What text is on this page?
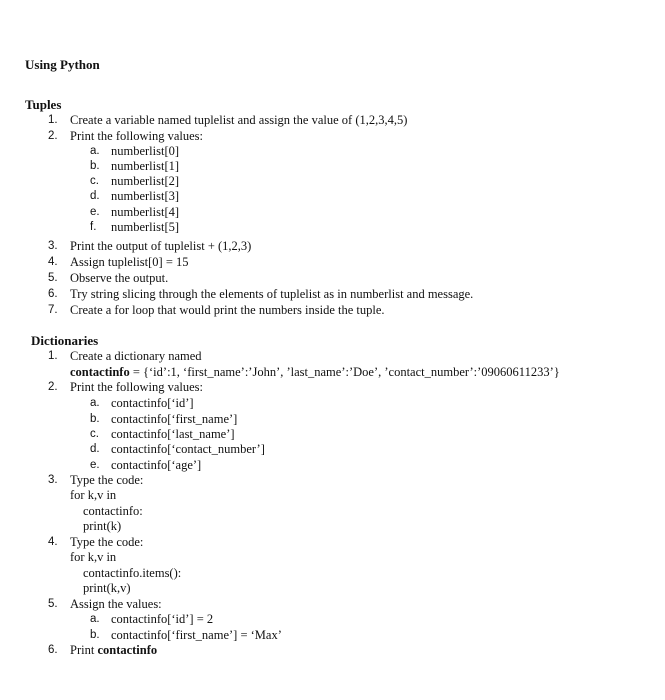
Using Python
Tuples
1. Create a variable named tuplelist and assign the value of (1,2,3,4,5)
2. Print the following values:
a. numberlist[0]
b. numberlist[1]
c. numberlist[2]
d. numberlist[3]
e. numberlist[4]
f. numberlist[5]
3. Print the output of tuplelist + (1,2,3)
4. Assign tuplelist[0] = 15
5. Observe the output.
6. Try string slicing through the elements of tuplelist as in numberlist and message.
7. Create a for loop that would print the numbers inside the tuple.
Dictionaries
1. Create a dictionary named
contactinfo = {‘id’:1, ‘first_name’:’John’, ’last_name’:’Doe’, ’contact_number’:’09060611233’}
2. Print the following values:
a. contactinfo[‘id’]
b. contactinfo[‘first_name’]
c. contactinfo[‘last_name’]
d. contactinfo[‘contact_number’]
e. contactinfo[‘age’]
3. Type the code:
for k,v in
contactinfo:
print(k)
4. Type the code:
for k,v in
contactinfo.items():
print(k,v)
5. Assign the values:
a. contactinfo[‘id’] = 2
b. contactinfo[‘first_name’] = ‘Max’
6. Print contactinfo
